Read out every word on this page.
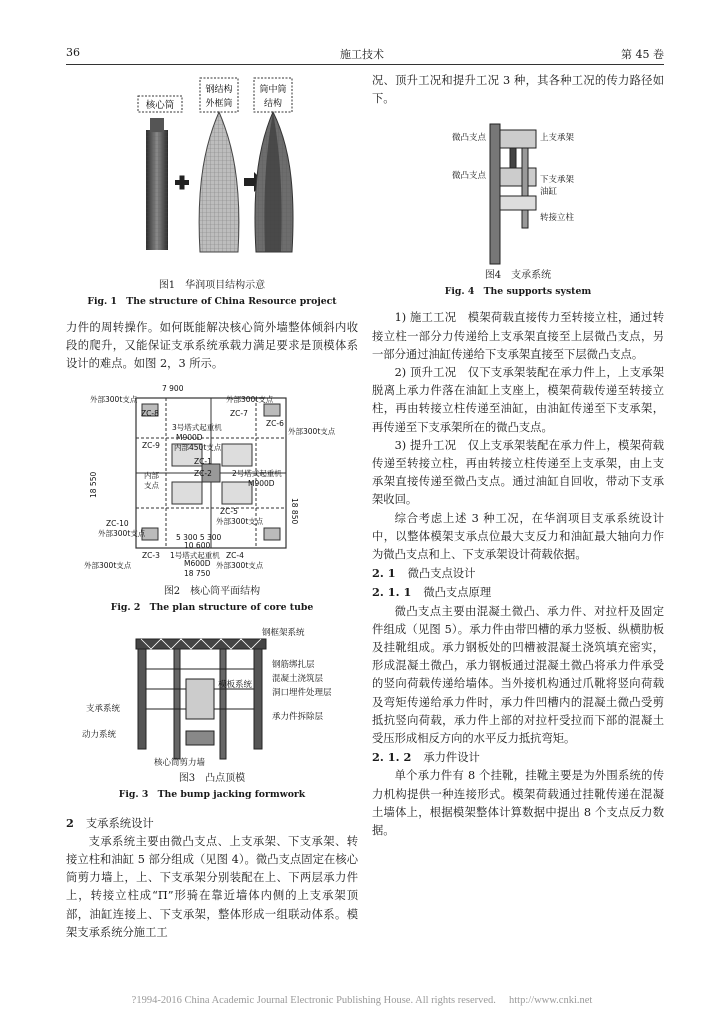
36	施工技术	第 45 卷
核心筒
钢结构
外框筒
筒中筒
结构
图1　华润项目结构示意
Fig. 1　The structure of China Resource project

力件的周转操作。如何既能解决核心筒外墙整体倾斜内收段的爬升，又能保证支承系统承载力满足要求是顶模体系设计的难点。如图 2，3 所示。

7 900
外部300t支点	外部300t支点
ZC-8	ZC-7
ZC-6
外部300t支点
3号塔式起重机
M900D
内部450t支点
ZC-9
ZC-1
ZC-2
内部
支点
2号塔式起重机
M900D
ZC-5
外部300t支点
ZC-10
外部300t支点	5 300 5 300
10 600
ZC-3 1号塔式起重机 ZC-4
M600D
外部300t支点	外部300t支点
18 750
18 850
18 550
图2　核心筒平面结构
Fig. 2　The plan structure of core tube
钢框架系统
钢筋绑扎层
混凝土浇筑层
模板系统
洞口埋件处理层
支承系统
动力系统
承力件拆除层
核心筒剪力墙
图3　凸点顶模
Fig. 3　The bump jacking formwork
2 支承系统设计

支承系统主要由微凸支点、上支承架、下支承架、转接立柱和油缸 5 部分组成（见图 4）。微凸支点固定在核心筒剪力墙上，上、下支承架分别装配在上、下两层承力件上，转接立柱成“Π”形骑在靠近墙体内侧的上支承架顶部，油缸连接上、下支承架，整体形成一组联动体系。模架支承系统分施工工

况、顶升工况和提升工况 3 种，其各种工况的传力路径如下。

微凸支点	上支承架
微凸支点	下支承架
油缸
转接立柱
图4　支承系统
Fig. 4　The supports system

1) 施工工况　模架荷载直接传力至转接立柱，通过转接立柱一部分力传递给上支承架直接至上层微凸支点，另一部分通过油缸传递给下支承架直接至下层微凸支点。

2) 顶升工况　仅下支承架装配在承力件上，上支承架脱离上承力件落在油缸上支座上，模架荷载传递至转接立柱，再由转接立柱传递至油缸，由油缸传递至下支承架，再传递至下支承架所在的微凸支点。

3) 提升工况　仅上支承架装配在承力件上，模架荷载传递至转接立柱，再由转接立柱传递至上支承架，由上支承架直接传递至微凸支点。通过油缸自回收，带动下支承架收回。

综合考虑上述 3 种工况，在华润项目支承系统设计中，以整体模架支承点位最大支反力和油缸最大轴向力作为微凸支点和上、下支承架设计荷载依据。

2. 1 微凸支点设计
2. 1. 1 微凸支点原理

微凸支点主要由混凝土微凸、承力件、对拉杆及固定件组成（见图 5）。承力件由带凹槽的承力竖板、纵横肋板及挂靴组成。承力钢板处的凹槽被混凝土浇筑填充密实，形成混凝土微凸，承力钢板通过混凝土微凸将承力件承受的竖向荷载传递给墙体。当外接机构通过爪靴将竖向荷载及弯矩传递给承力件时，承力件凹槽内的混凝土微凸受剪抵抗竖向荷载，承力件上部的对拉杆受拉而下部的混凝土受压形成相反方向的水平反力抵抗弯矩。

2. 1. 2 承力件设计

单个承力件有 8 个挂靴，挂靴主要是为外围系统的传力机构提供一种连接形式。模架荷载通过挂靴传递在混凝土墙体上，根据模架整体计算数据中提出 8 个支点反力数据。

?1994-2016 China Academic Journal Electronic Publishing House. All rights reserved.　 http://www.cnki.net
